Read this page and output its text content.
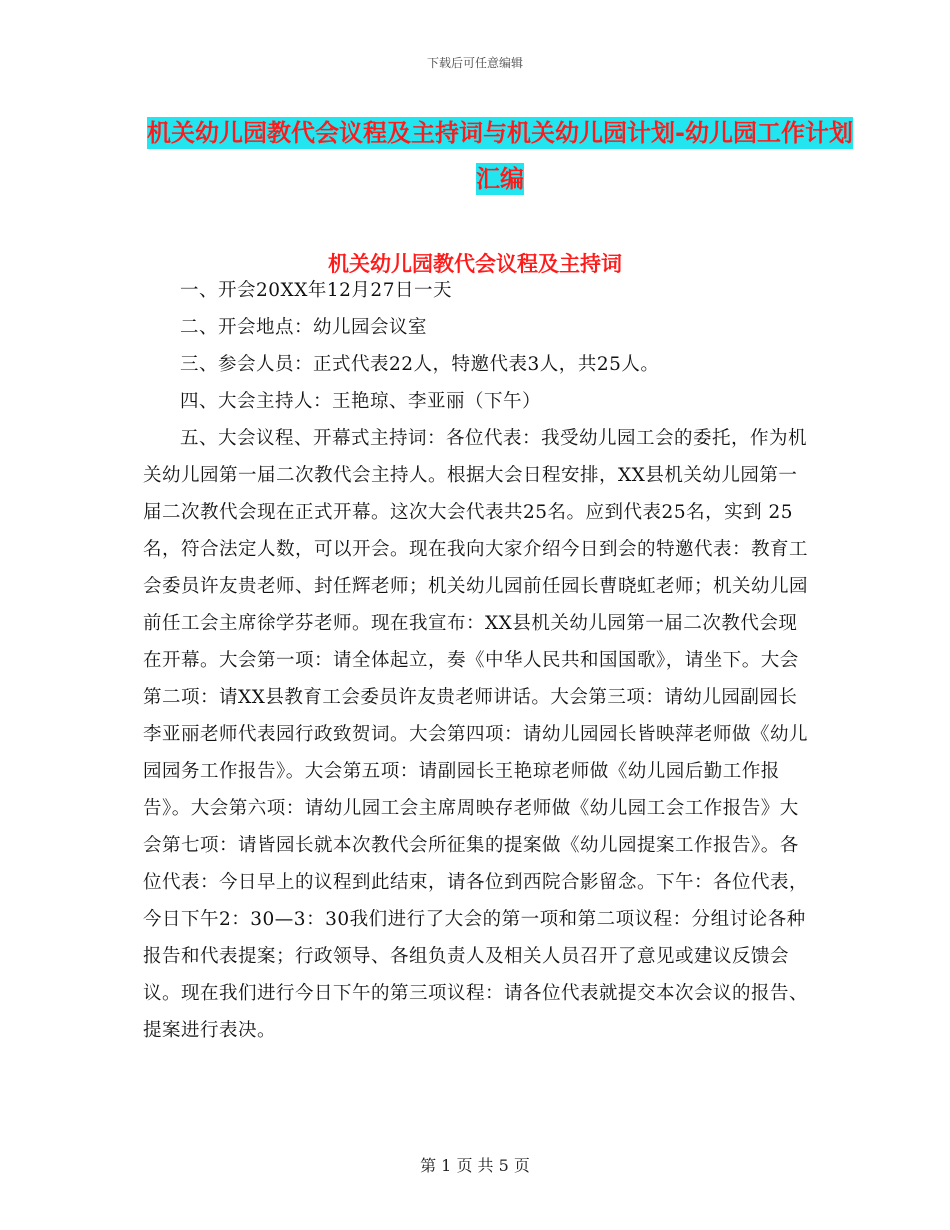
下载后可任意编辑
机关幼儿园教代会议程及主持词与机关幼儿园计划-幼儿园工作计划汇编
机关幼儿园教代会议程及主持词

一、开会20XX年12月27日一天

二、开会地点：幼儿园会议室

三、参会人员：正式代表22人，特邀代表3人，共25人。

四、大会主持人：王艳琼、李亚丽（下午）

五、大会议程、开幕式主持词：各位代表：我受幼儿园工会的委托，作为机关幼儿园第一届二次教代会主持人。根据大会日程安排，XX县机关幼儿园第一届二次教代会现在正式开幕。这次大会代表共25名。应到代表25名，实到 25 名，符合法定人数，可以开会。现在我向大家介绍今日到会的特邀代表：教育工会委员许友贵老师、封任辉老师；机关幼儿园前任园长曹晓虹老师；机关幼儿园前任工会主席徐学芬老师。现在我宣布：XX县机关幼儿园第一届二次教代会现在开幕。大会第一项：请全体起立，奏《中华人民共和国国歌》，请坐下。大会第二项：请XX县教育工会委员许友贵老师讲话。大会第三项：请幼儿园副园长李亚丽老师代表园行政致贺词。大会第四项：请幼儿园园长皆映萍老师做《幼儿园园务工作报告》。大会第五项：请副园长王艳琼老师做《幼儿园后勤工作报告》。大会第六项：请幼儿园工会主席周映存老师做《幼儿园工会工作报告》大会第七项：请皆园长就本次教代会所征集的提案做《幼儿园提案工作报告》。各位代表：今日早上的议程到此结束，请各位到西院合影留念。下午：各位代表，今日下午2：30—3：30我们进行了大会的第一项和第二项议程：分组讨论各种报告和代表提案；行政领导、各组负责人及相关人员召开了意见或建议反馈会议。现在我们进行今日下午的第三项议程：请各位代表就提交本次会议的报告、提案进行表决。

第 1 页 共 5 页
